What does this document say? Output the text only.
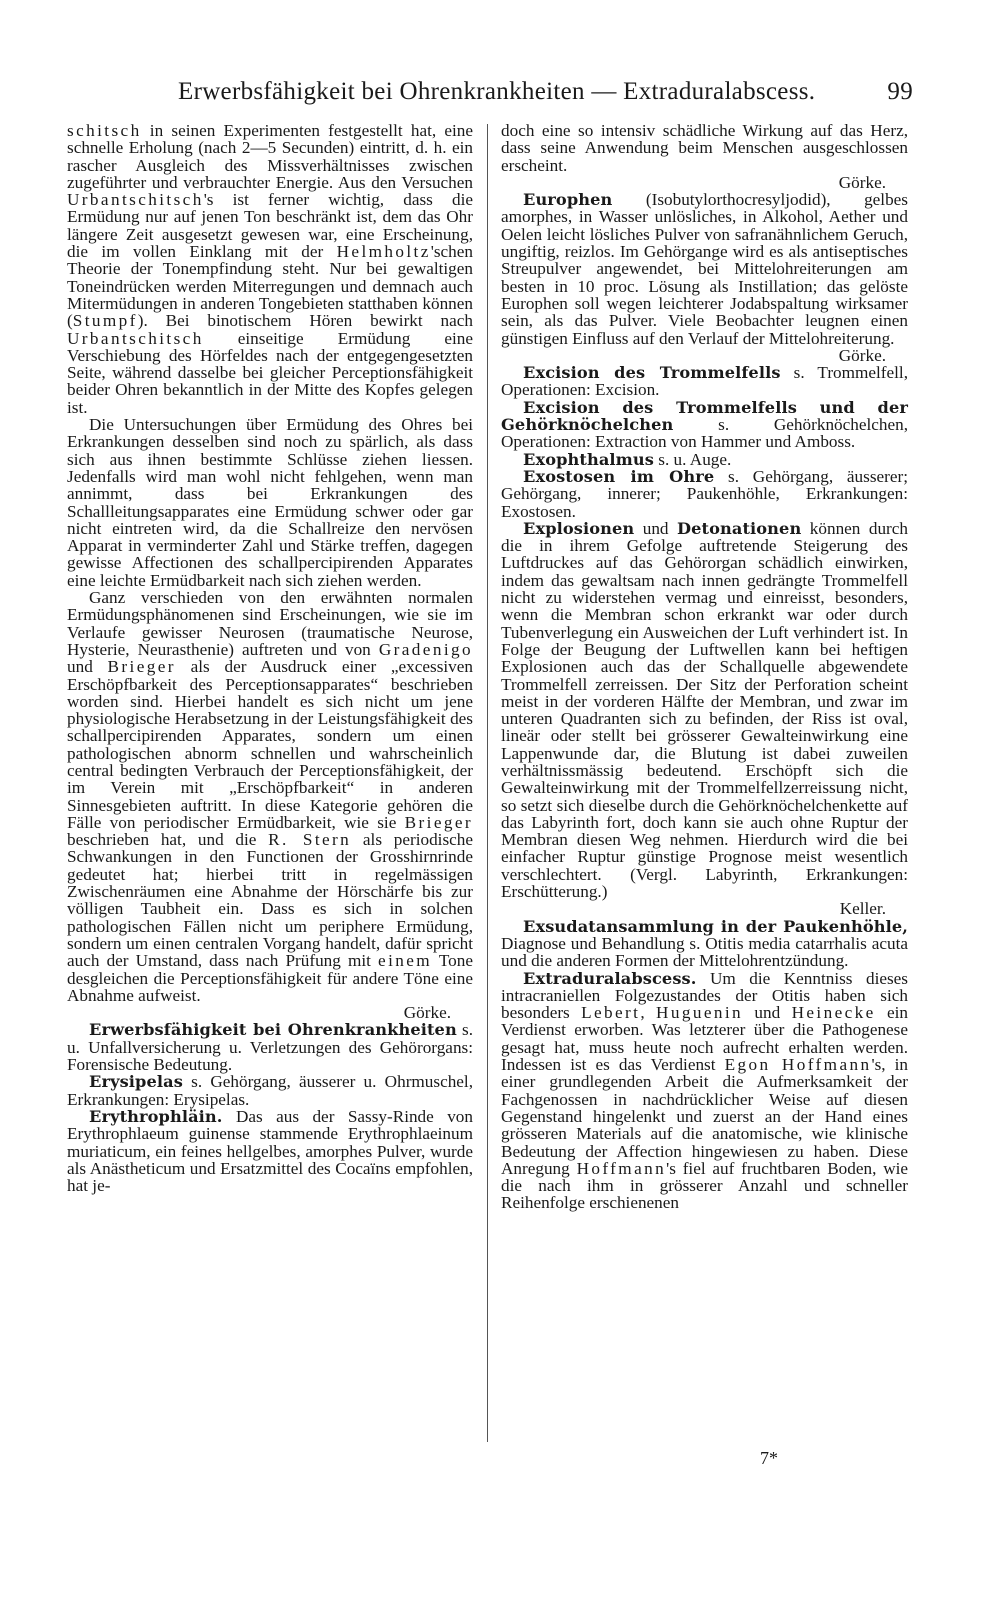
Erwerbsfähigkeit bei Ohrenkrankheiten — Extraduralabscess.	99

schitsch in seinen Experimenten festgestellt hat, eine schnelle Erholung (nach 2—5 Secunden) eintritt, d. h. ein rascher Ausgleich des Missverhältnisses zwischen zugeführter und verbrauchter Energie. Aus den Versuchen Urbantschitsch's ist ferner wichtig, dass die Ermüdung nur auf jenen Ton beschränkt ist, dem das Ohr längere Zeit ausgesetzt gewesen war, eine Erscheinung, die im vollen Einklang mit der Helmholtz'schen Theorie der Tonempfindung steht. Nur bei gewaltigen Toneindrücken werden Miterregungen und demnach auch Mitermüdungen in anderen Tongebieten statthaben können (Stumpf). Bei binotischem Hören bewirkt nach Urbantschitsch einseitige Ermüdung eine Verschiebung des Hörfeldes nach der entgegengesetzten Seite, während dasselbe bei gleicher Perceptionsfähigkeit beider Ohren bekanntlich in der Mitte des Kopfes gelegen ist.

Die Untersuchungen über Ermüdung des Ohres bei Erkrankungen desselben sind noch zu spärlich, als dass sich aus ihnen bestimmte Schlüsse ziehen liessen. Jedenfalls wird man wohl nicht fehlgehen, wenn man annimmt, dass bei Erkrankungen des Schallleitungsapparates eine Ermüdung schwer oder gar nicht eintreten wird, da die Schallreize den nervösen Apparat in verminderter Zahl und Stärke treffen, dagegen gewisse Affectionen des schallpercipirenden Apparates eine leichte Ermüdbarkeit nach sich ziehen werden.

Ganz verschieden von den erwähnten normalen Ermüdungsphänomenen sind Erscheinungen, wie sie im Verlaufe gewisser Neurosen (traumatische Neurose, Hysterie, Neurasthenie) auftreten und von Gradenigo und Brieger als der Ausdruck einer „excessiven Erschöpfbarkeit des Perceptionsapparates“ beschrieben worden sind. Hierbei handelt es sich nicht um jene physiologische Herabsetzung in der Leistungsfähigkeit des schallpercipirenden Apparates, sondern um einen pathologischen abnorm schnellen und wahrscheinlich central bedingten Verbrauch der Perceptionsfähigkeit, der im Verein mit „Erschöpfbarkeit“ in anderen Sinnesgebieten auftritt. In diese Kategorie gehören die Fälle von periodischer Ermüdbarkeit, wie sie Brieger beschrieben hat, und die R. Stern als periodische Schwankungen in den Functionen der Grosshirnrinde gedeutet hat; hierbei tritt in regelmässigen Zwischenräumen eine Abnahme der Hörschärfe bis zur völligen Taubheit ein. Dass es sich in solchen pathologischen Fällen nicht um periphere Ermüdung, sondern um einen centralen Vorgang handelt, dafür spricht auch der Umstand, dass nach Prüfung mit einem Tone desgleichen die Perceptionsfähigkeit für andere Töne eine Abnahme aufweist.

Görke.

Erwerbsfähigkeit bei Ohrenkrankheiten s. u. Unfallversicherung u. Verletzungen des Gehörorgans: Forensische Bedeutung.

Erysipelas s. Gehörgang, äusserer u. Ohrmuschel, Erkrankungen: Erysipelas.

Erythrophläin. Das aus der Sassy-Rinde von Erythrophlaeum guinense stammende Erythrophlaeinum muriaticum, ein feines hellgelbes, amorphes Pulver, wurde als Anästheticum und Ersatzmittel des Cocaïns empfohlen, hat je-

doch eine so intensiv schädliche Wirkung auf das Herz, dass seine Anwendung beim Menschen ausgeschlossen erscheint.

Görke.

Europhen (Isobutylorthocresyljodid), gelbes amorphes, in Wasser unlösliches, in Alkohol, Aether und Oelen leicht lösliches Pulver von safranähnlichem Geruch, ungiftig, reizlos. Im Gehörgange wird es als antiseptisches Streupulver angewendet, bei Mittelohreiterungen am besten in 10 proc. Lösung als Instillation; das gelöste Europhen soll wegen leichterer Jodabspaltung wirksamer sein, als das Pulver. Viele Beobachter leugnen einen günstigen Einfluss auf den Verlauf der Mittelohreiterung.

Görke.

Excision des Trommelfells s. Trommelfell, Operationen: Excision.

Excision des Trommelfells und der Gehörknöchelchen s. Gehörknöchelchen, Operationen: Extraction von Hammer und Amboss.

Exophthalmus s. u. Auge.

Exostosen im Ohre s. Gehörgang, äusserer; Gehörgang, innerer; Paukenhöhle, Erkrankungen: Exostosen.

Explosionen und Detonationen können durch die in ihrem Gefolge auftretende Steigerung des Luftdruckes auf das Gehörorgan schädlich einwirken, indem das gewaltsam nach innen gedrängte Trommelfell nicht zu widerstehen vermag und einreisst, besonders, wenn die Membran schon erkrankt war oder durch Tubenverlegung ein Ausweichen der Luft verhindert ist. In Folge der Beugung der Luftwellen kann bei heftigen Explosionen auch das der Schallquelle abgewendete Trommelfell zerreissen. Der Sitz der Perforation scheint meist in der vorderen Hälfte der Membran, und zwar im unteren Quadranten sich zu befinden, der Riss ist oval, lineär oder stellt bei grösserer Gewalteinwirkung eine Lappenwunde dar, die Blutung ist dabei zuweilen verhältnissmässig bedeutend. Erschöpft sich die Gewalteinwirkung mit der Trommelfellzerreissung nicht, so setzt sich dieselbe durch die Gehörknöchelchenkette auf das Labyrinth fort, doch kann sie auch ohne Ruptur der Membran diesen Weg nehmen. Hierdurch wird die bei einfacher Ruptur günstige Prognose meist wesentlich verschlechtert. (Vergl. Labyrinth, Erkrankungen: Erschütterung.)

Keller.

Exsudatansammlung in der Paukenhöhle, Diagnose und Behandlung s. Otitis media catarrhalis acuta und die anderen Formen der Mittelohrentzündung.

Extraduralabscess. Um die Kenntniss dieses intracraniellen Folgezustandes der Otitis haben sich besonders Lebert, Huguenin und Heinecke ein Verdienst erworben. Was letzterer über die Pathogenese gesagt hat, muss heute noch aufrecht erhalten werden. Indessen ist es das Verdienst Egon Hoffmann's, in einer grundlegenden Arbeit die Aufmerksamkeit der Fachgenossen in nachdrücklicher Weise auf diesen Gegenstand hingelenkt und zuerst an der Hand eines grösseren Materials auf die anatomische, wie klinische Bedeutung der Affection hingewiesen zu haben. Diese Anregung Hoffmann's fiel auf fruchtbaren Boden, wie die nach ihm in grösserer Anzahl und schneller Reihenfolge erschienenen

7*
